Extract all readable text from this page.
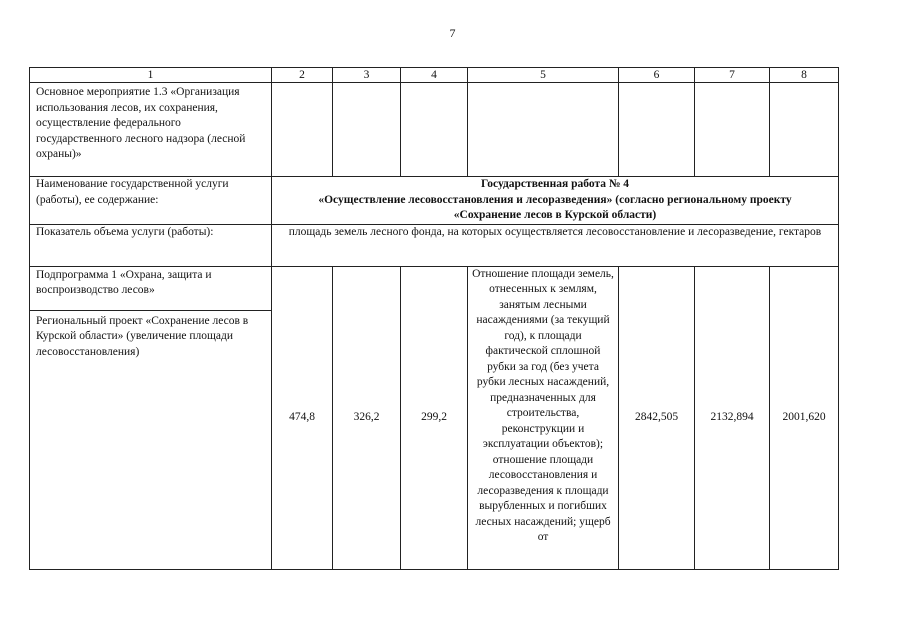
7
1	2	3	4	5	6	7	8
Основное мероприятие 1.3 «Организация использования лесов, их сохранения, осуществление федерального государственного лесного надзора (лесной охраны)»							
Наименование государственной услуги (работы), ее содержание:	Государственная работа № 4
«Осуществление лесовосстановления и лесоразведения» (согласно региональному проекту
«Сохранение лесов в Курской области)						

Показатель объема услуги (работы):	площадь земель лесного фонда, на которых осуществляется лесовосстановление и лесоразведение, гектаров						

Подпрограмма 1 «Охрана, защита и воспроизводство лесов»
Региональный проект «Сохранение лесов в Курской области» (увеличение площади лесовосстановления)	474,8	326,2	299,2	Отношение площади земель, отнесенных к землям, занятым лесными насаждениями (за текущий год), к площади фактической сплошной рубки за год (без учета рубки лесных насаждений, предназначенных для строительства, реконструкции и эксплуатации объектов); отношение площади лесовосстановления и лесоразведения к площади вырубленных и погибших лесных насаждений; ущерб от	2842,505	2132,894	2001,620
